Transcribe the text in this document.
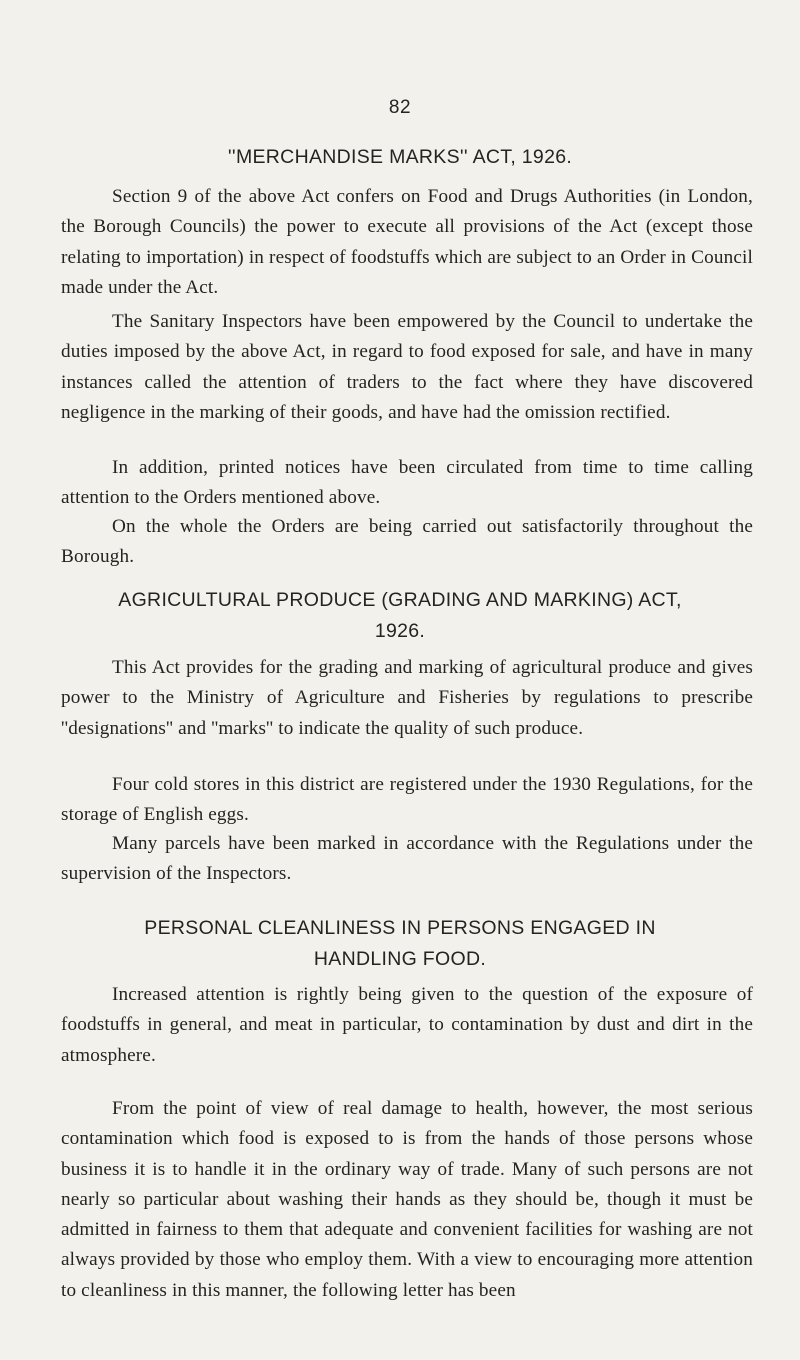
82
''MERCHANDISE MARKS'' ACT, 1926.

Section 9 of the above Act confers on Food and Drugs Authorities (in London, the Borough Councils) the power to execute all provisions of the Act (except those relating to importation) in respect of foodstuffs which are subject to an Order in Council made under the Act.

The Sanitary Inspectors have been empowered by the Council to undertake the duties imposed by the above Act, in regard to food exposed for sale, and have in many instances called the attention of traders to the fact where they have discovered negligence in the marking of their goods, and have had the omission rectified.

In addition, printed notices have been circulated from time to time calling attention to the Orders mentioned above.

On the whole the Orders are being carried out satisfactorily throughout the Borough.

AGRICULTURAL PRODUCE (GRADING AND MARKING) ACT, 1926.

This Act provides for the grading and marking of agricultural produce and gives power to the Ministry of Agriculture and Fisheries by regulations to prescribe ''designations'' and ''marks'' to indicate the quality of such produce.

Four cold stores in this district are registered under the 1930 Regulations, for the storage of English eggs.

Many parcels have been marked in accordance with the Regulations under the supervision of the Inspectors.

PERSONAL CLEANLINESS IN PERSONS ENGAGED IN HANDLING FOOD.

Increased attention is rightly being given to the question of the exposure of foodstuffs in general, and meat in particular, to contamination by dust and dirt in the atmosphere.

From the point of view of real damage to health, however, the most serious contamination which food is exposed to is from the hands of those persons whose business it is to handle it in the ordinary way of trade. Many of such persons are not nearly so particular about washing their hands as they should be, though it must be admitted in fairness to them that adequate and convenient facilities for washing are not always provided by those who employ them. With a view to encouraging more attention to cleanliness in this manner, the following letter has been
